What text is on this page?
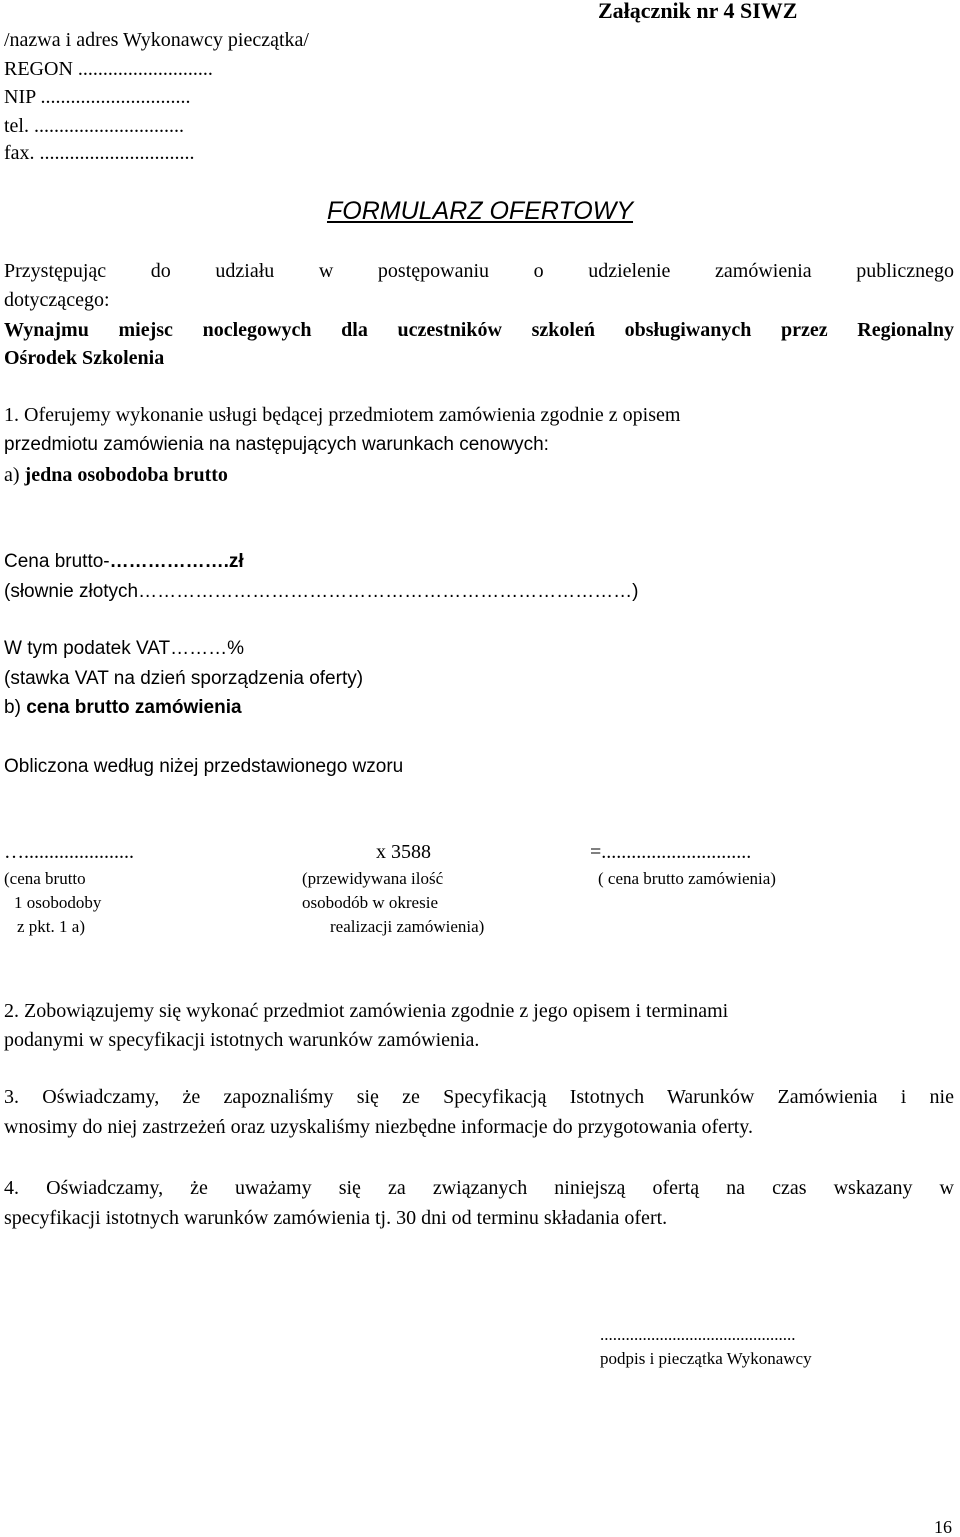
Załącznik nr 4 SIWZ
/nazwa i adres Wykonawcy pieczątka/
REGON ...........................
NIP ..............................
tel. ..............................
fax. ...............................
FORMULARZ OFERTOWY
Przystępując do udziału w postępowaniu o udzielenie zamówienia publicznego
dotyczącego:
Wynajmu miejsc noclegowych dla uczestników szkoleń obsługiwanych przez Regionalny
Ośrodek Szkolenia
1. Oferujemy wykonanie usługi będącej przedmiotem zamówienia zgodnie z opisem
przedmiotu zamówienia na następujących warunkach cenowych:
a) jedna osobodoba brutto
Cena brutto-……………….zł
(słownie złotych……………………………………………………………………)
W tym podatek VAT………%
(stawka VAT na dzień sporządzenia oferty)
b) cena brutto zamówienia
Obliczona według niżej przedstawionego wzoru
…......................	x 3588	=..............................
(cena brutto
1 osobodoby
z pkt. 1 a)
(przewidywana ilość
osobodób w okresie
realizacji zamówienia)
( cena brutto zamówienia)
2. Zobowiązujemy się wykonać przedmiot zamówienia zgodnie z jego opisem i terminami
podanymi w specyfikacji istotnych warunków zamówienia.
3. Oświadczamy, że zapoznaliśmy się ze Specyfikacją Istotnych Warunków Zamówienia i nie
wnosimy do niej zastrzeżeń oraz uzyskaliśmy niezbędne informacje do przygotowania oferty.
4. Oświadczamy, że uważamy się za związanych niniejszą ofertą na czas wskazany w
specyfikacji istotnych warunków zamówienia tj. 30 dni od terminu składania ofert.
..............................................
podpis i pieczątka Wykonawcy
16
